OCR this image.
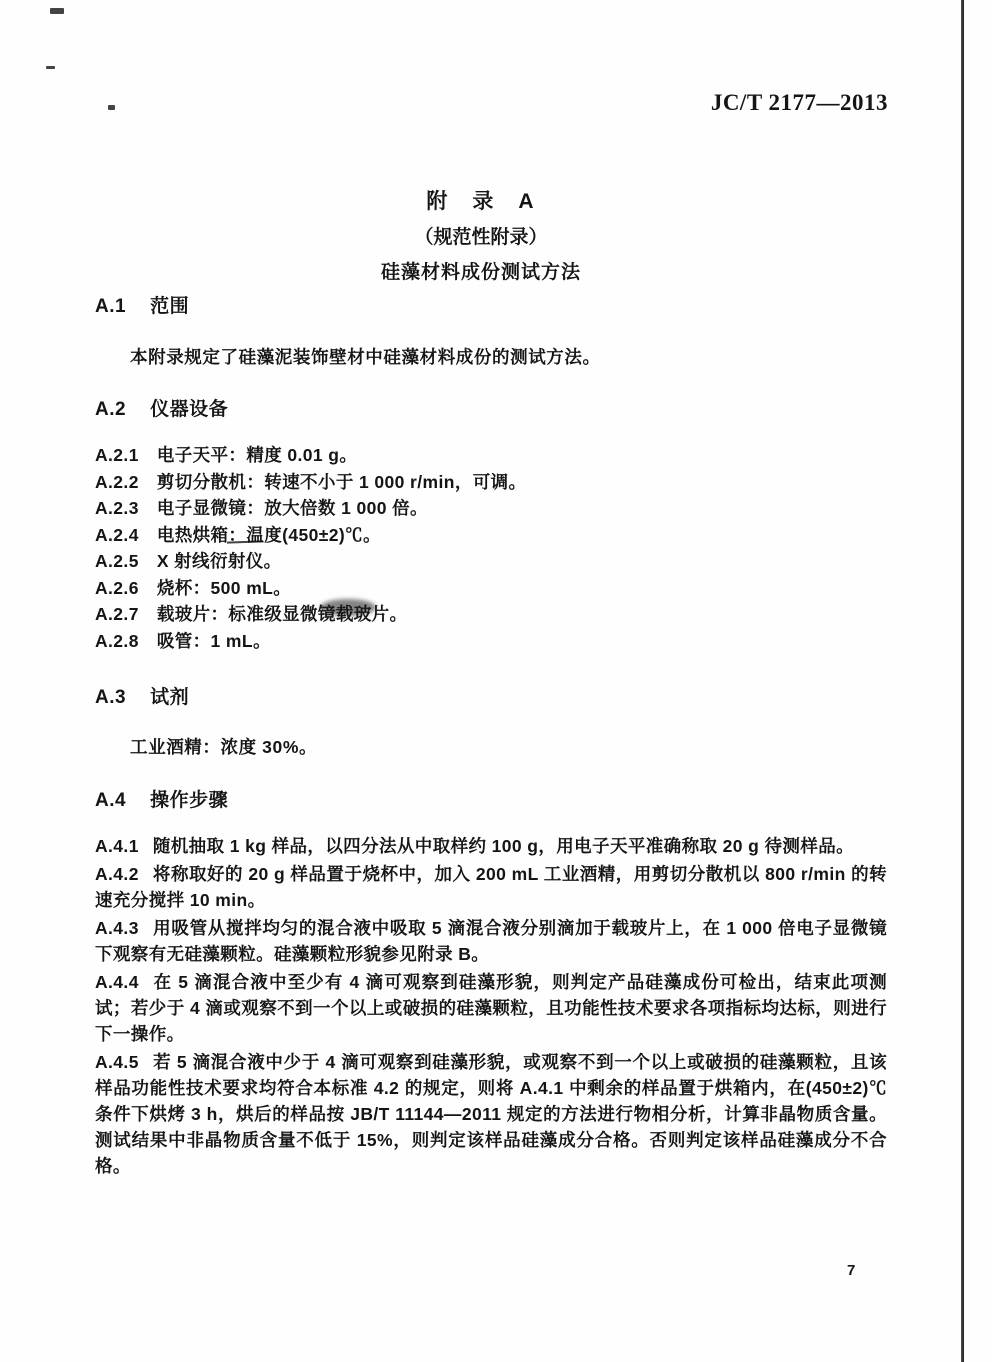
JC/T 2177—2013
附　录　A
（规范性附录）
硅藻材料成份测试方法
A.1 范围

本附录规定了硅藻泥装饰壁材中硅藻材料成份的测试方法。

A.2 仪器设备

A.2.1 电子天平：精度 0.01 g。

A.2.2 剪切分散机：转速不小于 1 000 r/min，可调。

A.2.3 电子显微镜：放大倍数 1 000 倍。

A.2.4 电热烘箱：温度(450±2)℃。

A.2.5 X 射线衍射仪。

A.2.6 烧杯：500 mL。

A.2.7 载玻片：标准级显微镜载玻片。

A.2.8 吸管：1 mL。

A.3 试剂

工业酒精：浓度 30%。

A.4 操作步骤

A.4.1 随机抽取 1 kg 样品，以四分法从中取样约 100 g，用电子天平准确称取 20 g 待测样品。

A.4.2 将称取好的 20 g 样品置于烧杯中，加入 200 mL 工业酒精，用剪切分散机以 800 r/min 的转速充分搅拌 10 min。

A.4.3 用吸管从搅拌均匀的混合液中吸取 5 滴混合液分别滴加于载玻片上，在 1 000 倍电子显微镜下观察有无硅藻颗粒。硅藻颗粒形貌参见附录 B。

A.4.4 在 5 滴混合液中至少有 4 滴可观察到硅藻形貌，则判定产品硅藻成份可检出，结束此项测试；若少于 4 滴或观察不到一个以上或破损的硅藻颗粒，且功能性技术要求各项指标均达标，则进行下一操作。

A.4.5 若 5 滴混合液中少于 4 滴可观察到硅藻形貌，或观察不到一个以上或破损的硅藻颗粒，且该样品功能性技术要求均符合本标准 4.2 的规定，则将 A.4.1 中剩余的样品置于烘箱内，在(450±2)℃条件下烘烤 3 h，烘后的样品按 JB/T 11144—2011 规定的方法进行物相分析，计算非晶物质含量。测试结果中非晶物质含量不低于 15%，则判定该样品硅藻成分合格。否则判定该样品硅藻成分不合格。

7
